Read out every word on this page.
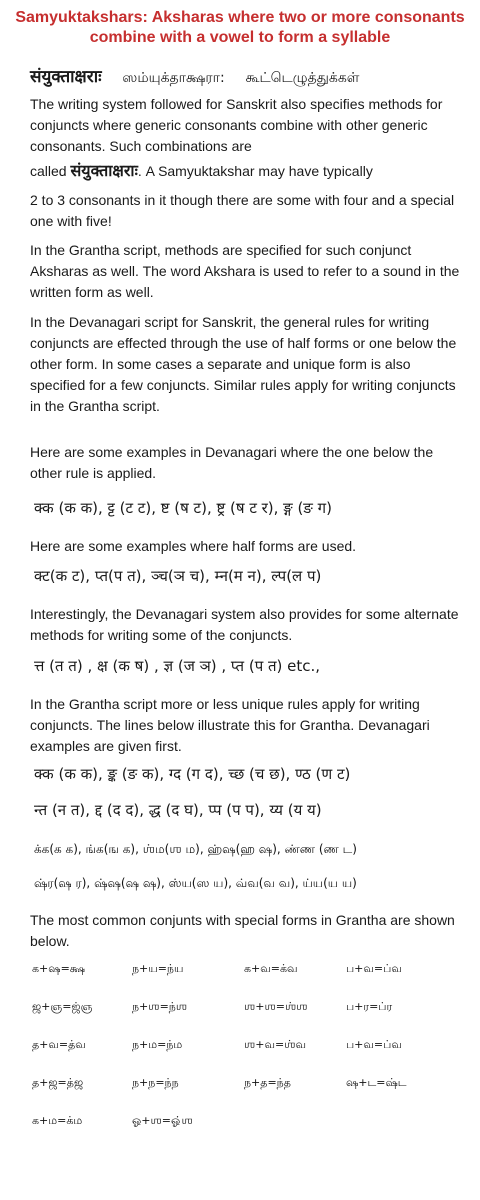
Samyuktakshars: Aksharas where two or more consonants combine with a vowel to form a syllable
संयुक्ताक्षराः ஸம்யுக்தாக்ஷரா: கூட்டெழுத்துக்கள்
The writing system followed for Sanskrit also specifies methods for conjuncts where generic consonants combine with other generic consonants. Such combinations are
called संयुक्ताक्षराः. A Samyuktakshar may have typically
2 to 3 consonants in it though there are some with four and a special one with five!
In the Grantha script, methods are specified for such conjunct Aksharas as well. The word Akshara is used to refer to a sound in the written form as well.
In the Devanagari script for Sanskrit, the general rules for writing conjuncts are effected through the use of half forms or one below the other form. In some cases a separate and unique form is also specified for a few conjuncts. Similar rules apply for writing conjuncts in the Grantha script.
Here are some examples in Devanagari where the one below the other rule is applied.
क्क (क क), ट्ट (ट ट), ष्ट (ष ट), ष्ट्र (ष ट र), ङ्ग (ङ ग)
Here are some examples where half forms are used.
क्ट(क ट), प्त(प त), ञ्च(ञ च), म्न(म न), ल्प(ल प)
Interestingly, the Devanagari system also provides for some alternate methods for writing some of the conjuncts.
त्त (त त) , क्ष (क ष) , ज्ञ (ज ञ) , प्त (प त) etc.,
In the Grantha script more or less unique rules apply for writing conjuncts. The lines below illustrate this for Grantha. Devanagari examples are given first.
क्क (क क), ङ्क (ङ क), ग्द (ग द), च्छ (च छ), ण्ठ (ण ट)
न्त (न त), द्द (द द), द्ध (द घ), प्प (प प), य्य (य य)
க்க(க க), ங்க(ங க), ஶ்ம(ஶ ம), ஹ்ஷ(ஹ ஷ), ண்ண (ண ட)
ஷ்ர(ஷ ர), ஷ்ஷ(ஷ ஷ), ஸ்ய(ஸ ய), வ்வ(வ வ), ய்ய(ய ய)
The most common conjunts with special forms in Grantha are shown below.
க+ஷ=க்ஷ	ந+ய=ந்ய	க+வ=க்வ	ப+வ=ப்வ
ஜ+ஞ=ஜ்ஞ	ந+ஶ=ந்ஶ	ஶ+ஶ=ஶ்ஶ	ப+ர=ப்ர
த+வ=த்வ	ந+ம=ந்ம	ஶ+வ=ஶ்வ	ப+வ=ப்வ
த+ஜ=த்ஜ	ந+ந=ந்ந	ந+த=ந்த	ஷ+ட=ஷ்ட
க+ம=க்ம	ஓ+ஶ=ஓ்ஶ
